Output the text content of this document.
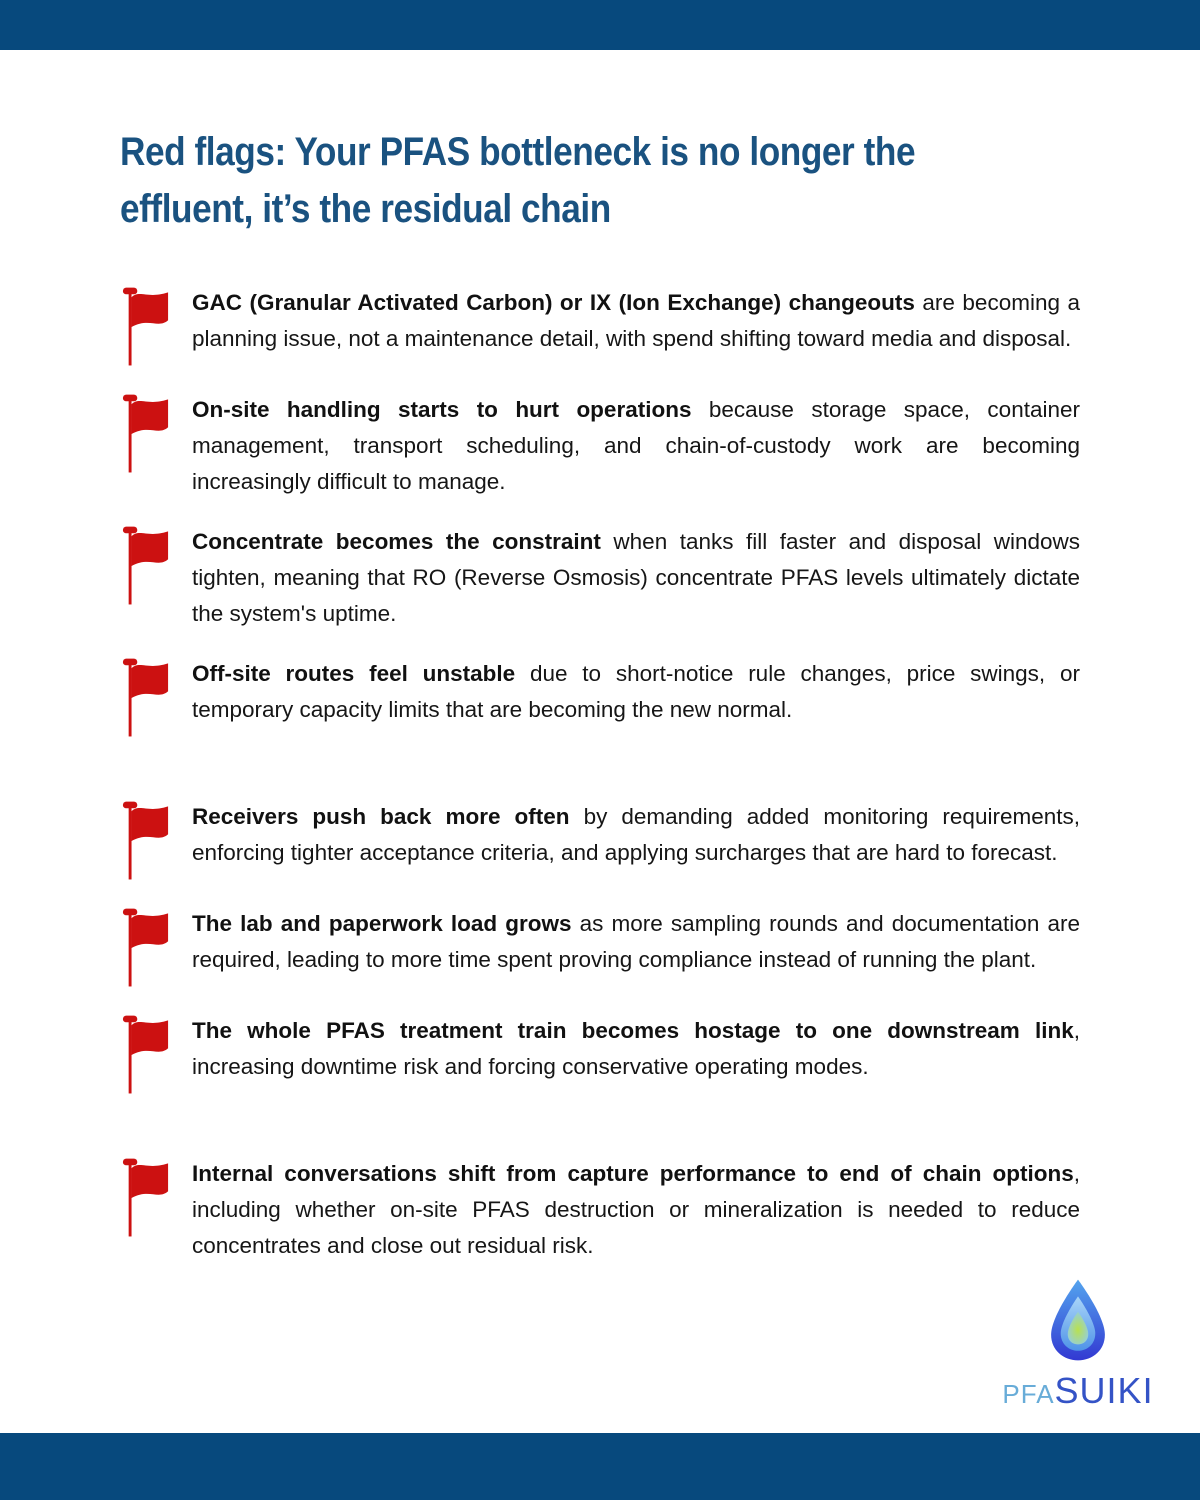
Red flags: Your PFAS bottleneck is no longer the
effluent, it’s the residual chain

GAC (Granular Activated Carbon) or IX (Ion Exchange) changeouts are becoming a planning issue, not a maintenance detail, with spend shifting toward media and disposal.

On-site handling starts to hurt operations because storage space, container management, transport scheduling, and chain-of-custody work are becoming increasingly difficult to manage.

Concentrate becomes the constraint when tanks fill faster and disposal windows tighten, meaning that RO (Reverse Osmosis) concentrate PFAS levels ultimately dictate the system's uptime.

Off-site routes feel unstable due to short-notice rule changes, price swings, or temporary capacity limits that are becoming the new normal.

Receivers push back more often by demanding added monitoring requirements, enforcing tighter acceptance criteria, and applying surcharges that are hard to forecast.

The lab and paperwork load grows as more sampling rounds and documentation are required, leading to more time spent proving compliance instead of running the plant.

The whole PFAS treatment train becomes hostage to one downstream link, increasing downtime risk and forcing conservative operating modes.

Internal conversations shift from capture performance to end of chain options, including whether on-site PFAS destruction or mineralization is needed to reduce concentrates and close out residual risk.

PFASUIKI
